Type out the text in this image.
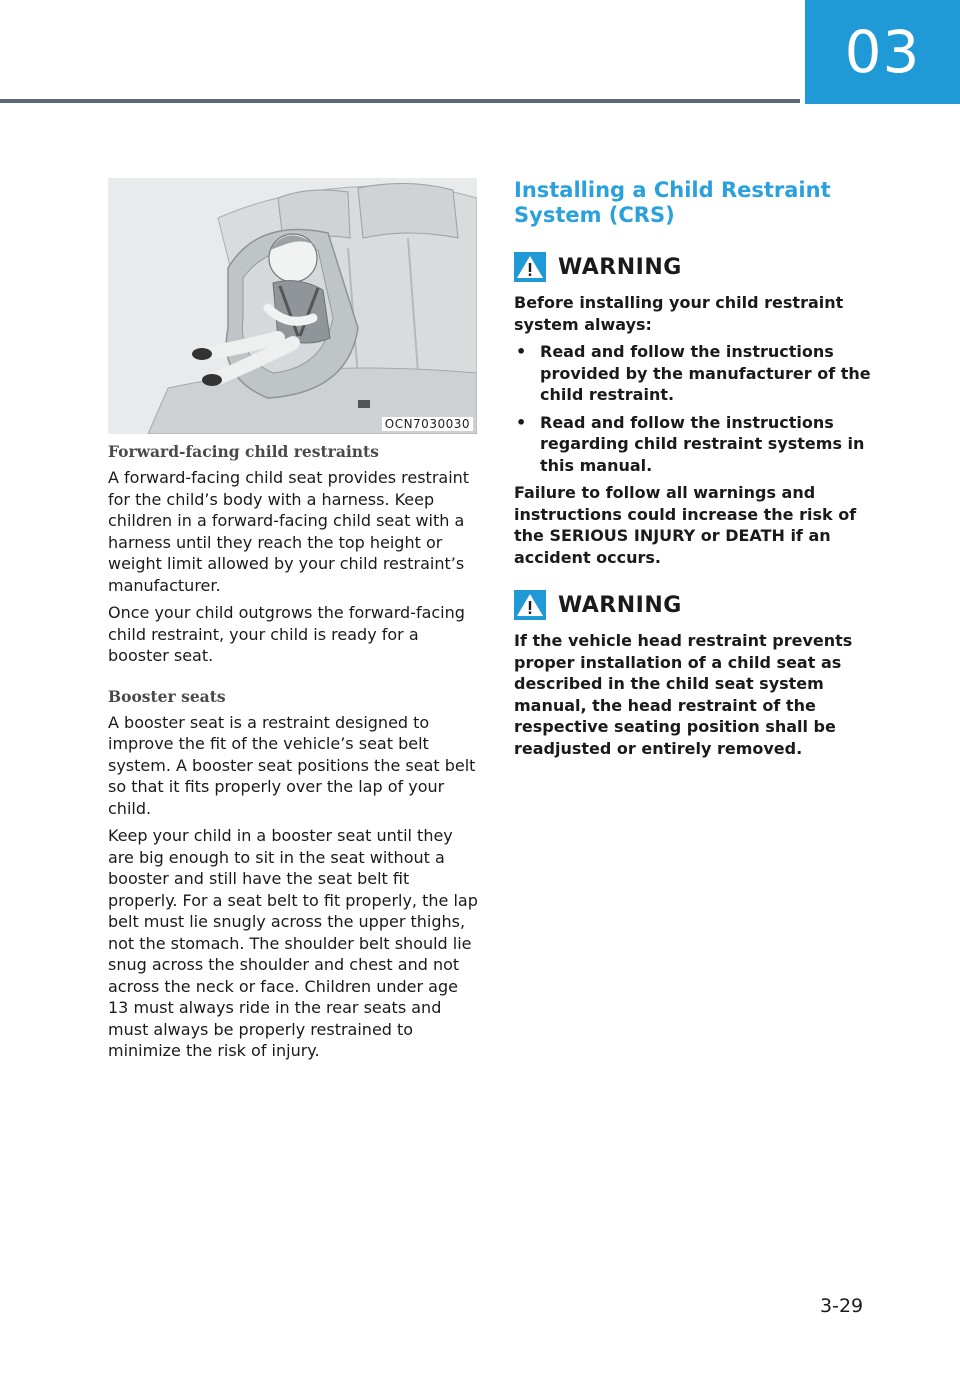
03
OCN7030030

Forward-facing child restraints

A forward-facing child seat provides restraint for the child’s body with a harness. Keep children in a forward-facing child seat with a harness until they reach the top height or weight limit allowed by your child restraint’s manufacturer.

Once your child outgrows the forward-facing child restraint, your child is ready for a booster seat.

Booster seats

A booster seat is a restraint designed to improve the fit of the vehicle’s seat belt system. A booster seat positions the seat belt so that it fits properly over the lap of your child.

Keep your child in a booster seat until they are big enough to sit in the seat without a booster and still have the seat belt fit properly. For a seat belt to fit properly, the lap belt must lie snugly across the upper thighs, not the stomach. The shoulder belt should lie snug across the shoulder and chest and not across the neck or face. Children under age 13 must always ride in the rear seats and must always be properly restrained to minimize the risk of injury.

Installing a Child Restraint System (CRS)
WARNING

Before installing your child restraint system always:

• Read and follow the instructions provided by the manufacturer of the child restraint.
• Read and follow the instructions regarding child restraint systems in this manual.

Failure to follow all warnings and instructions could increase the risk of the SERIOUS INJURY or DEATH if an accident occurs.

WARNING

If the vehicle head restraint prevents proper installation of a child seat as described in the child seat system manual, the head restraint of the respective seating position shall be readjusted or entirely removed.

3-29
